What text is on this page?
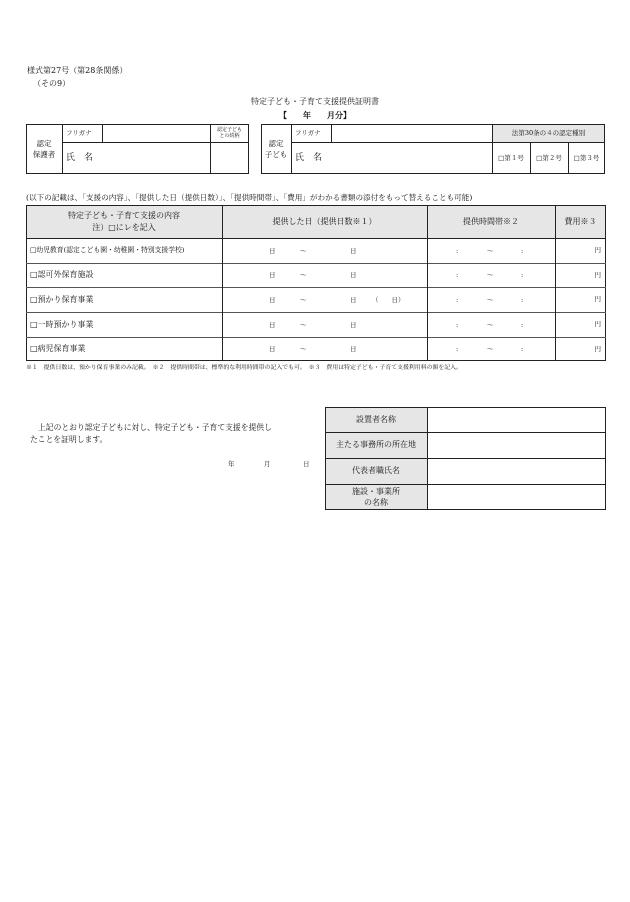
様式第27号（第28条関係）
（その9）
特定子ども・子育て支援提供証明書
【　　年　　月分】
認定
保護者
フリガナ
氏　名
認定子ども
との続柄
認定
子ども
フリガナ
氏　名
法第30条の４の認定種別
□第１号	□第２号	□第３号
(以下の記載は、「支援の内容」、「提供した日（提供日数）」、「提供時間帯」、「費用」がわかる書類の添付をもって替えることも可能)
特定子ども・子育て支援の内容
注）□にレを記入
提供した日（提供日数※１）	提供時間帯※２	費用※３
□幼児教育(認定こども園・幼稚園・特別支援学校)	日	～	日	:	～	:	円
□認可外保育施設	日	～	日	:	～	:	円
□預かり保育事業	日	～	日 （　　日）	:	～	:	円
□一時預かり事業	日	～	日	:	～	:	円
□病児保育事業	日	～	日	:	～	:	円
※１　提供日数は、預かり保育事業のみ記載。　※２　提供時間帯は、標準的な利用時間帯の記入でも可。　※３　費用は特定子ども・子育て支援利用料の額を記入。
上記のとおり認定子どもに対し、特定子ども・子育て支援を提供し
たことを証明します。
年	月	日
設置者名称
主たる事務所の所在地
代表者職氏名
施設・事業所
の名称
